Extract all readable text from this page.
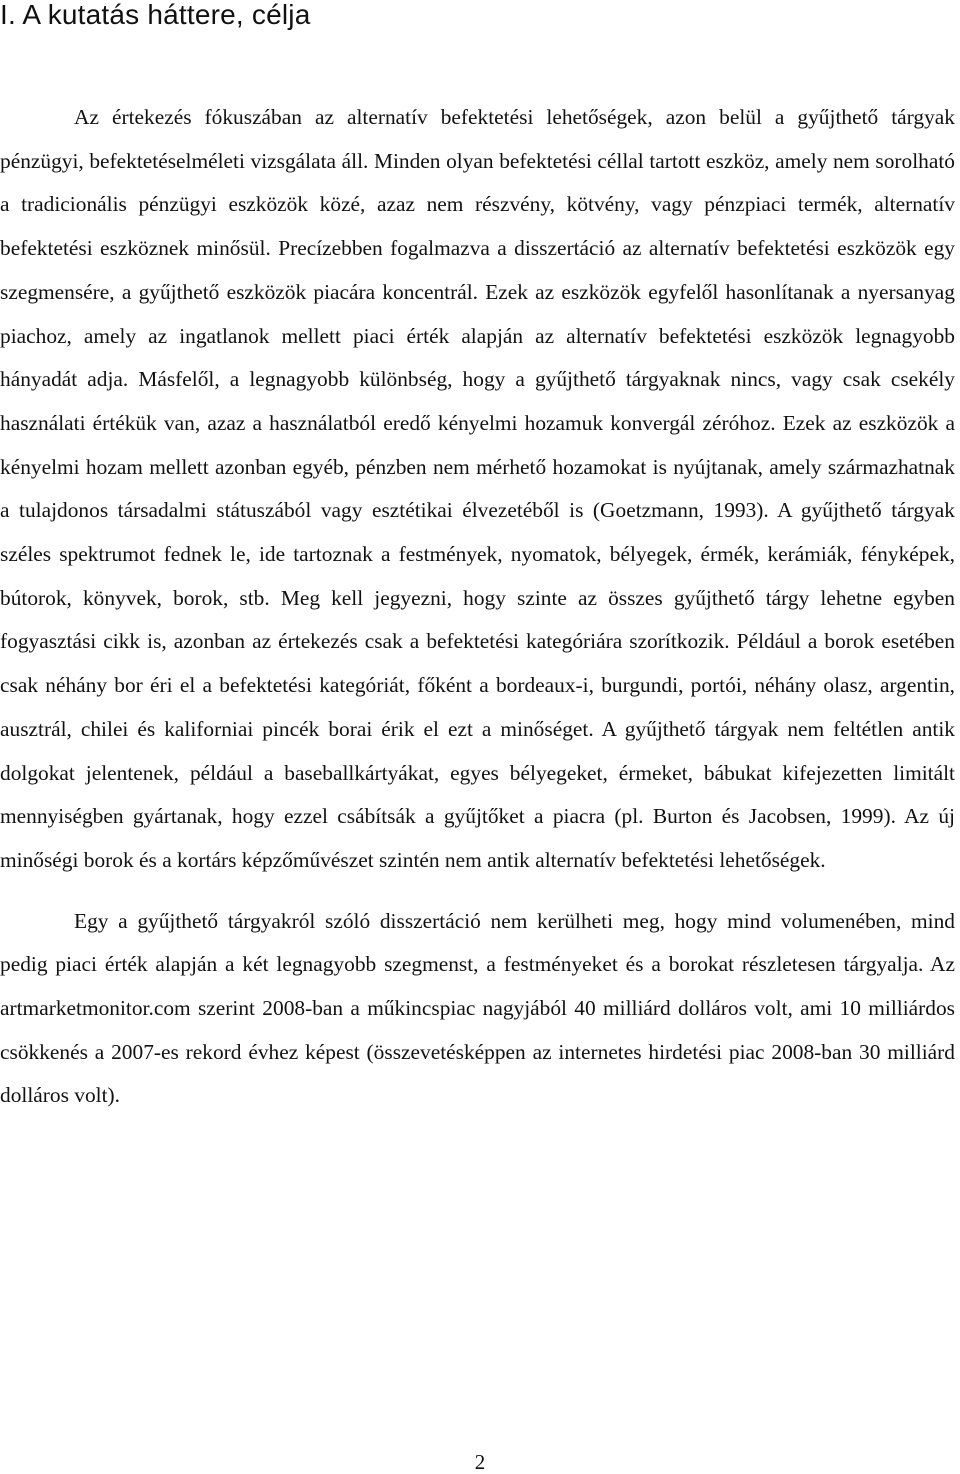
I. A kutatás háttere, célja

Az értekezés fókuszában az alternatív befektetési lehetőségek, azon belül a gyűjthető tárgyak pénzügyi, befektetéselméleti vizsgálata áll. Minden olyan befektetési céllal tartott eszköz, amely nem sorolható a tradicionális pénzügyi eszközök közé, azaz nem részvény, kötvény, vagy pénzpiaci termék, alternatív befektetési eszköznek minősül. Precízebben fogalmazva a disszertáció az alternatív befektetési eszközök egy szegmensére, a gyűjthető eszközök piacára koncentrál. Ezek az eszközök egyfelől hasonlítanak a nyersanyag piachoz, amely az ingatlanok mellett piaci érték alapján az alternatív befektetési eszközök legnagyobb hányadát adja. Másfelől, a legnagyobb különbség, hogy a gyűjthető tárgyaknak nincs, vagy csak csekély használati értékük van, azaz a használatból eredő kényelmi hozamuk konvergál zéróhoz. Ezek az eszközök a kényelmi hozam mellett azonban egyéb, pénzben nem mérhető hozamokat is nyújtanak, amely származhatnak a tulajdonos társadalmi státuszából vagy esztétikai élvezetéből is (Goetzmann, 1993). A gyűjthető tárgyak széles spektrumot fednek le, ide tartoznak a festmények, nyomatok, bélyegek, érmék, kerámiák, fényképek, bútorok, könyvek, borok, stb. Meg kell jegyezni, hogy szinte az összes gyűjthető tárgy lehetne egyben fogyasztási cikk is, azonban az értekezés csak a befektetési kategóriára szorítkozik. Például a borok esetében csak néhány bor éri el a befektetési kategóriát, főként a bordeaux-i, burgundi, portói, néhány olasz, argentin, ausztrál, chilei és kaliforniai pincék borai érik el ezt a minőséget. A gyűjthető tárgyak nem feltétlen antik dolgokat jelentenek, például a baseballkártyákat, egyes bélyegeket, érmeket, bábukat kifejezetten limitált mennyiségben gyártanak, hogy ezzel csábítsák a gyűjtőket a piacra (pl. Burton és Jacobsen, 1999). Az új minőségi borok és a kortárs képzőművészet szintén nem antik alternatív befektetési lehetőségek.

Egy a gyűjthető tárgyakról szóló disszertáció nem kerülheti meg, hogy mind volumenében, mind pedig piaci érték alapján a két legnagyobb szegmenst, a festményeket és a borokat részletesen tárgyalja. Az artmarketmonitor.com szerint 2008-ban a műkincspiac nagyjából 40 milliárd dolláros volt, ami 10 milliárdos csökkenés a 2007-es rekord évhez képest (összevetésképpen az internetes hirdetési piac 2008-ban 30 milliárd dolláros volt).

2
